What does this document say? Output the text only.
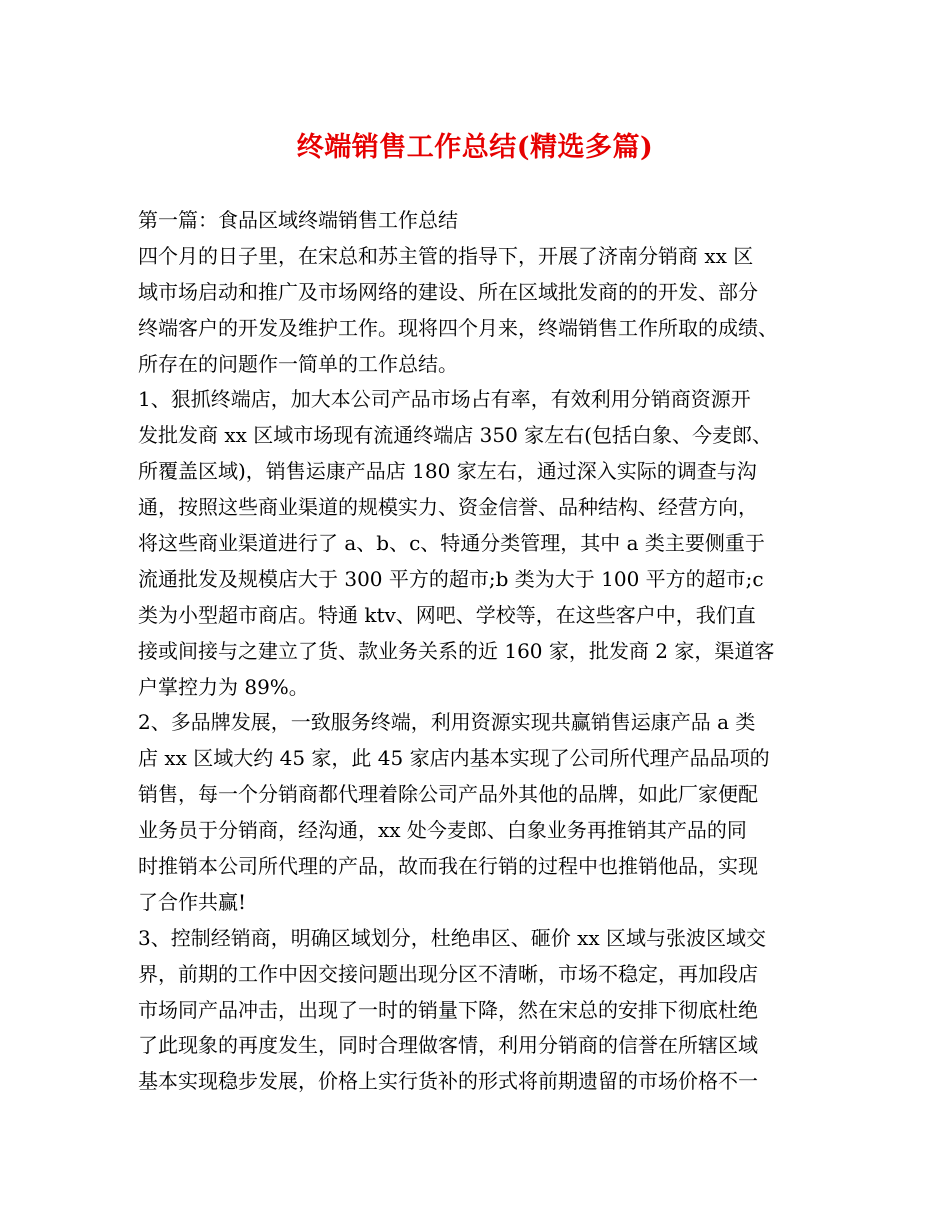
终端销售工作总结(精选多篇)
第一篇：食品区域终端销售工作总结
四个月的日子里，在宋总和苏主管的指导下，开展了济南分销商 xx 区
域市场启动和推广及市场网络的建设、所在区域批发商的的开发、部分
终端客户的开发及维护工作。现将四个月来，终端销售工作所取的成绩、
所存在的问题作一简单的工作总结。
1、狠抓终端店，加大本公司产品市场占有率，有效利用分销商资源开
发批发商 xx 区域市场现有流通终端店 350 家左右(包括白象、今麦郎、
所覆盖区域)，销售运康产品店 180 家左右，通过深入实际的调查与沟
通，按照这些商业渠道的规模实力、资金信誉、品种结构、经营方向，
将这些商业渠道进行了 a、b、c、特通分类管理，其中 a 类主要侧重于
流通批发及规模店大于 300 平方的超市;b 类为大于 100 平方的超市;c
类为小型超市商店。特通 ktv、网吧、学校等，在这些客户中，我们直
接或间接与之建立了货、款业务关系的近 160 家，批发商 2 家，渠道客
户掌控力为 89%。
2、多品牌发展，一致服务终端，利用资源实现共赢销售运康产品 a 类
店 xx 区域大约 45 家，此 45 家店内基本实现了公司所代理产品品项的
销售，每一个分销商都代理着除公司产品外其他的品牌，如此厂家便配
业务员于分销商，经沟通，xx 处今麦郎、白象业务再推销其产品的同
时推销本公司所代理的产品，故而我在行销的过程中也推销他品，实现
了合作共赢!
3、控制经销商，明确区域划分，杜绝串区、砸价 xx 区域与张波区域交
界，前期的工作中因交接问题出现分区不清晰，市场不稳定，再加段店
市场同产品冲击，出现了一时的销量下降，然在宋总的安排下彻底杜绝
了此现象的再度发生，同时合理做客情，利用分销商的信誉在所辖区域
基本实现稳步发展，价格上实行货补的形式将前期遗留的市场价格不一
